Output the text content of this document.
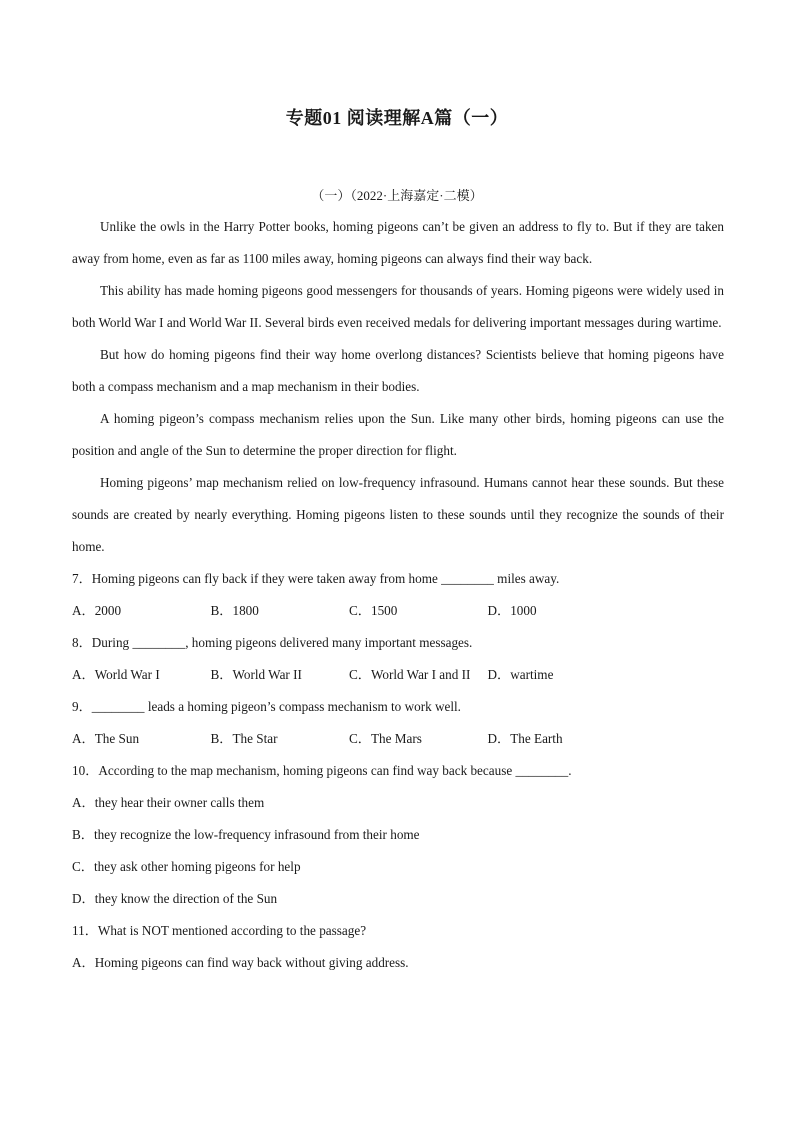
专题01 阅读理解A篇（一）
（一）（2022·上海嘉定·二模）

Unlike the owls in the Harry Potter books, homing pigeons can’t be given an address to fly to. But if they are taken away from home, even as far as 1100 miles away, homing pigeons can always find their way back.

This ability has made homing pigeons good messengers for thousands of years. Homing pigeons were widely used in both World War I and World War II. Several birds even received medals for delivering important messages during wartime.

But how do homing pigeons find their way home overlong distances? Scientists believe that homing pigeons have both a compass mechanism and a map mechanism in their bodies.

A homing pigeon’s compass mechanism relies upon the Sun. Like many other birds, homing pigeons can use the position and angle of the Sun to determine the proper direction for flight.

Homing pigeons’ map mechanism relied on low-frequency infrasound. Humans cannot hear these sounds. But these sounds are created by nearly everything. Homing pigeons listen to these sounds until they recognize the sounds of their home.

7．Homing pigeons can fly back if they were taken away from home ________ miles away.

A．2000	B．1800	C．1500	D．1000

8．During ________, homing pigeons delivered many important messages.

A．World War I	B．World War II	C．World War I and II	D．wartime

9．________ leads a homing pigeon’s compass mechanism to work well.

A．The Sun	B．The Star	C．The Mars	D．The Earth

10．According to the map mechanism, homing pigeons can find way back because ________.

A．they hear their owner calls them

B．they recognize the low-frequency infrasound from their home

C．they ask other homing pigeons for help

D．they know the direction of the Sun

11．What is NOT mentioned according to the passage?

A．Homing pigeons can find way back without giving address.
